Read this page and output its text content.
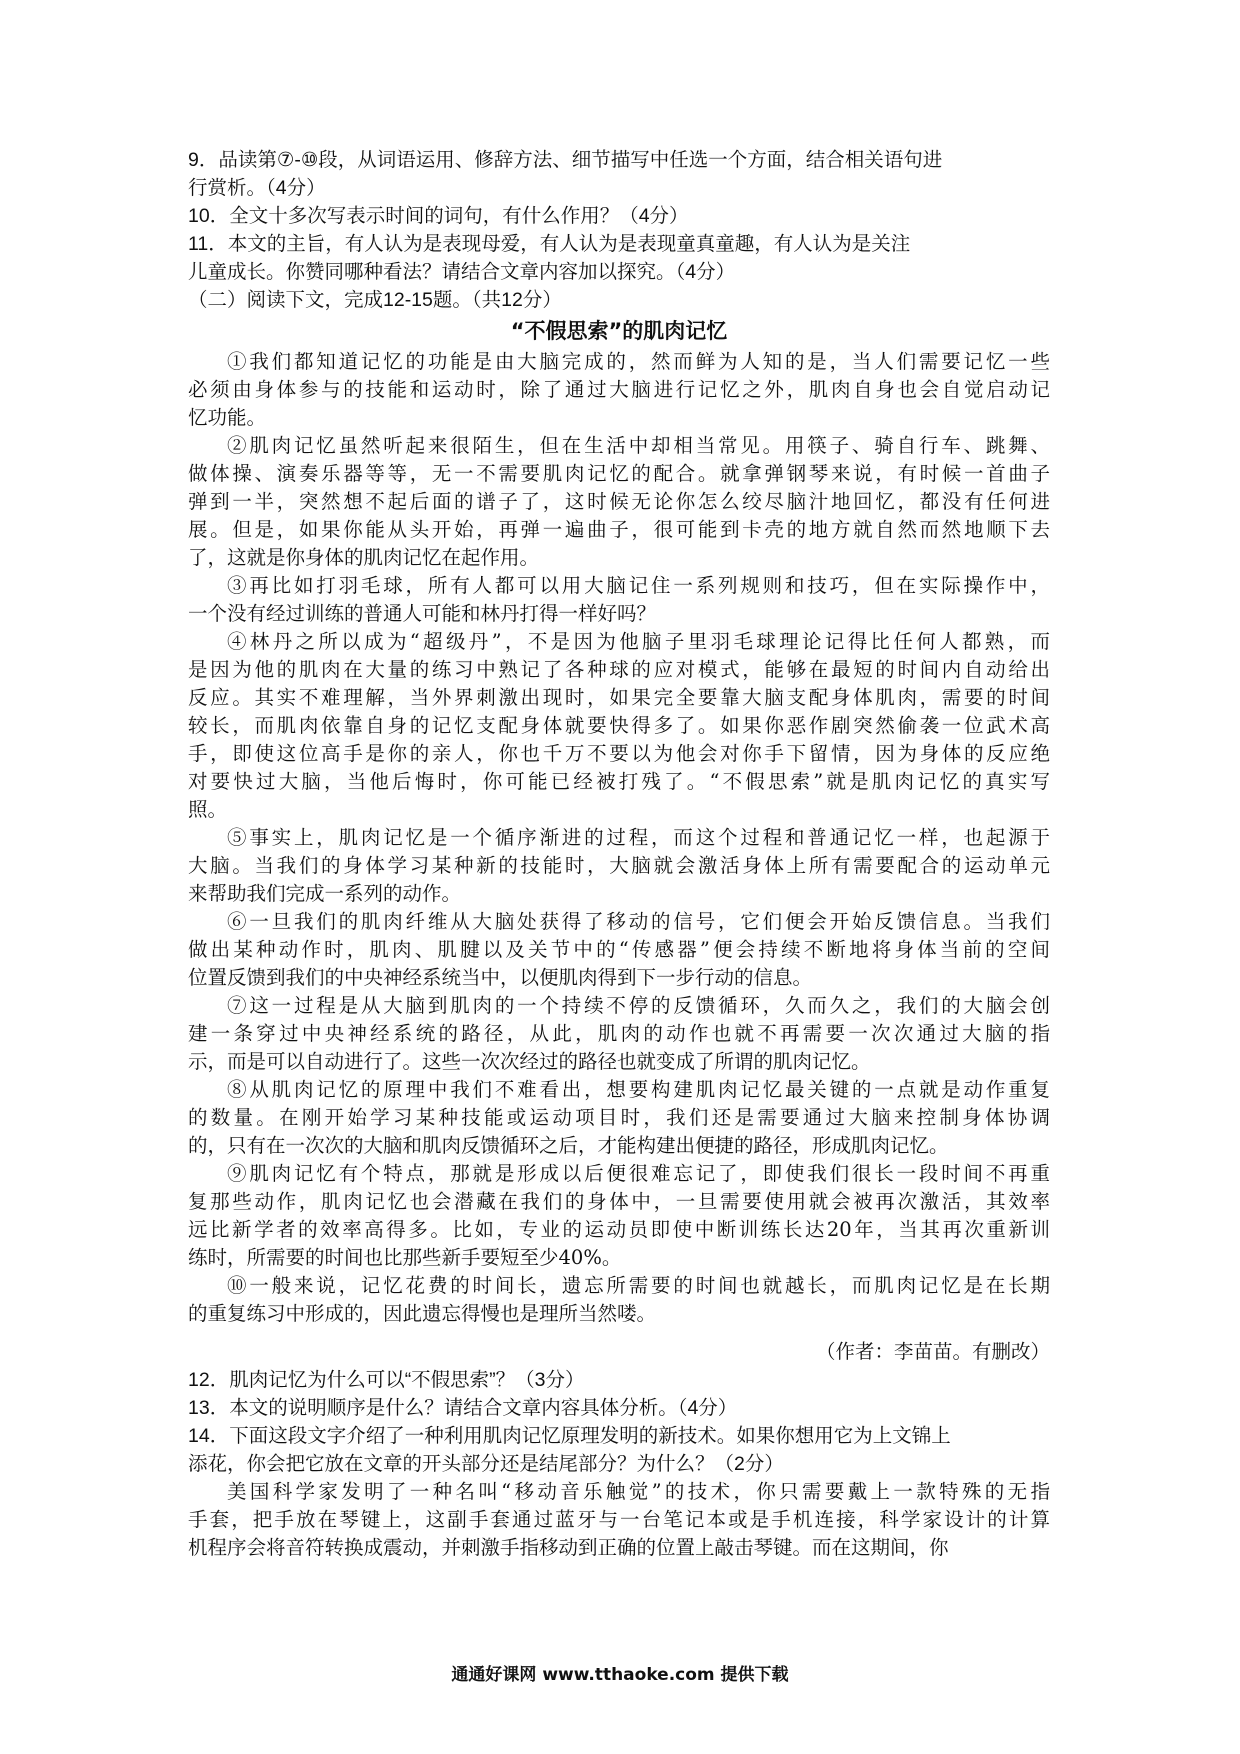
9．品读第⑦-⑩段，从词语运用、修辞方法、细节描写中任选一个方面，结合相关语句进
行赏析。（4分）
10．全文十多次写表示时间的词句，有什么作用？（4分）
11．本文的主旨，有人认为是表现母爱，有人认为是表现童真童趣，有人认为是关注
儿童成长。你赞同哪种看法？请结合文章内容加以探究。（4分）
（二）阅读下文，完成12-15题。（共12分）
“不假思索”的肌肉记忆
①我们都知道记忆的功能是由大脑完成的，然而鲜为人知的是，当人们需要记忆一些
必须由身体参与的技能和运动时，除了通过大脑进行记忆之外，肌肉自身也会自觉启动记
忆功能。
②肌肉记忆虽然听起来很陌生，但在生活中却相当常见。用筷子、骑自行车、跳舞、
做体操、演奏乐器等等，无一不需要肌肉记忆的配合。就拿弹钢琴来说，有时候一首曲子
弹到一半，突然想不起后面的谱子了，这时候无论你怎么绞尽脑汁地回忆，都没有任何进
展。但是，如果你能从头开始，再弹一遍曲子，很可能到卡壳的地方就自然而然地顺下去
了，这就是你身体的肌肉记忆在起作用。
③再比如打羽毛球，所有人都可以用大脑记住一系列规则和技巧，但在实际操作中，
一个没有经过训练的普通人可能和林丹打得一样好吗？
④林丹之所以成为“超级丹”，不是因为他脑子里羽毛球理论记得比任何人都熟，而
是因为他的肌肉在大量的练习中熟记了各种球的应对模式，能够在最短的时间内自动给出
反应。其实不难理解，当外界刺激出现时，如果完全要靠大脑支配身体肌肉，需要的时间
较长，而肌肉依靠自身的记忆支配身体就要快得多了。如果你恶作剧突然偷袭一位武术高
手，即使这位高手是你的亲人，你也千万不要以为他会对你手下留情，因为身体的反应绝
对要快过大脑，当他后悔时，你可能已经被打残了。“不假思索”就是肌肉记忆的真实写
照。
⑤事实上，肌肉记忆是一个循序渐进的过程，而这个过程和普通记忆一样，也起源于
大脑。当我们的身体学习某种新的技能时，大脑就会激活身体上所有需要配合的运动单元
来帮助我们完成一系列的动作。
⑥一旦我们的肌肉纤维从大脑处获得了移动的信号，它们便会开始反馈信息。当我们
做出某种动作时，肌肉、肌腱以及关节中的“传感器”便会持续不断地将身体当前的空间
位置反馈到我们的中央神经系统当中，以便肌肉得到下一步行动的信息。
⑦这一过程是从大脑到肌肉的一个持续不停的反馈循环，久而久之，我们的大脑会创
建一条穿过中央神经系统的路径，从此，肌肉的动作也就不再需要一次次通过大脑的指
示，而是可以自动进行了。这些一次次经过的路径也就变成了所谓的肌肉记忆。
⑧从肌肉记忆的原理中我们不难看出，想要构建肌肉记忆最关键的一点就是动作重复
的数量。在刚开始学习某种技能或运动项目时，我们还是需要通过大脑来控制身体协调
的，只有在一次次的大脑和肌肉反馈循环之后，才能构建出便捷的路径，形成肌肉记忆。
⑨肌肉记忆有个特点，那就是形成以后便很难忘记了，即使我们很长一段时间不再重
复那些动作，肌肉记忆也会潜藏在我们的身体中，一旦需要使用就会被再次激活，其效率
远比新学者的效率高得多。比如，专业的运动员即使中断训练长达20年，当其再次重新训
练时，所需要的时间也比那些新手要短至少40%。
⑩一般来说，记忆花费的时间长，遗忘所需要的时间也就越长，而肌肉记忆是在长期
的重复练习中形成的，因此遗忘得慢也是理所当然喽。
（作者：李苗苗。有删改）
12．肌肉记忆为什么可以“不假思索”？（3分）
13．本文的说明顺序是什么？请结合文章内容具体分析。（4分）
14．下面这段文字介绍了一种利用肌肉记忆原理发明的新技术。如果你想用它为上文锦上
添花，你会把它放在文章的开头部分还是结尾部分？为什么？（2分）
美国科学家发明了一种名叫“移动音乐触觉”的技术，你只需要戴上一款特殊的无指
手套，把手放在琴键上，这副手套通过蓝牙与一台笔记本或是手机连接，科学家设计的计算
机程序会将音符转换成震动，并刺激手指移动到正确的位置上敲击琴键。而在这期间，你
通通好课网 www.tthaoke.com 提供下载
